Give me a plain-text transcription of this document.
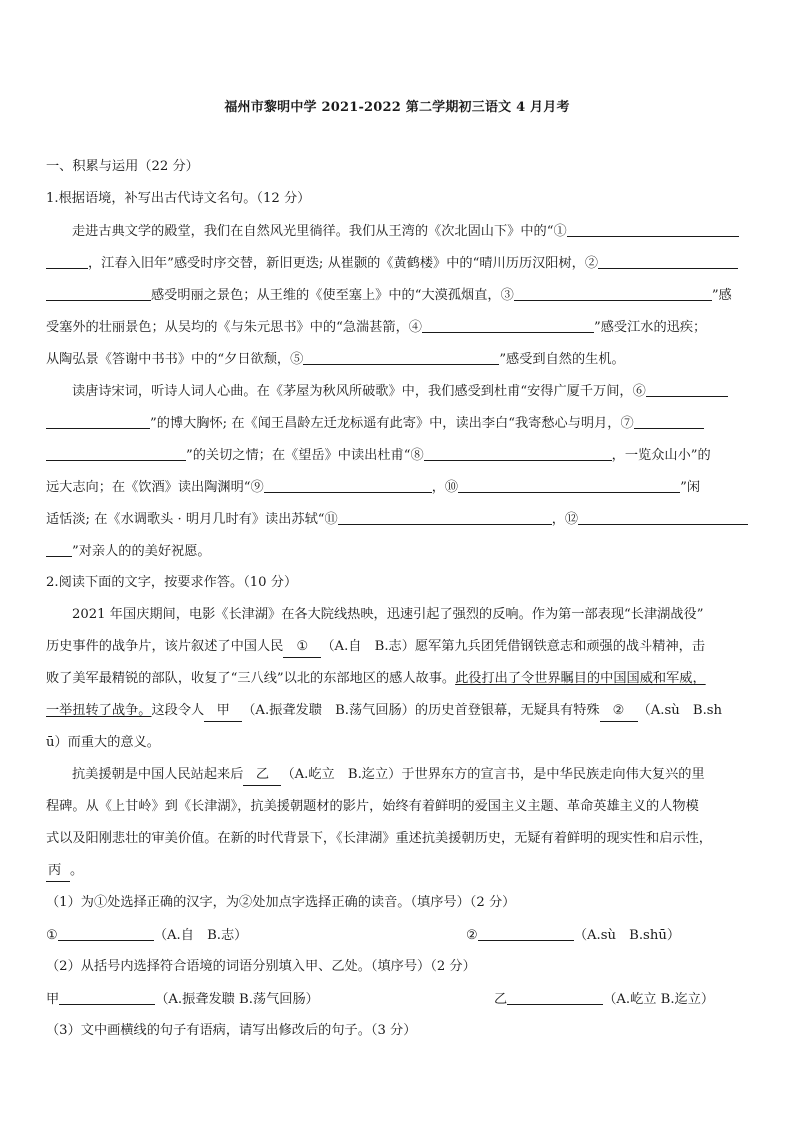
福州市黎明中学 2021-2022 第二学期初三语文 4 月月考
一、积累与运用（22 分）
1.根据语境，补写出古代诗文名句。（12 分）
走进古典文学的殿堂，我们在自然风光里徜徉。我们从王湾的《次北固山下》中的“①
，江春入旧年”感受时序交替，新旧更迭; 从崔颢的《黄鹤楼》中的“晴川历历汉阳树，②
感受明丽之景色；从王维的《使至塞上》中的“大漠孤烟直，③	”感
受塞外的壮丽景色；从吴均的《与朱元思书》中的“急湍甚箭，④	”感受江水的迅疾；
从陶弘景《答谢中书书》中的“夕日欲颓，⑤	”感受到自然的生机。
读唐诗宋词，听诗人词人心曲。在《茅屋为秋风所破歌》中，我们感受到杜甫“安得广厦千万间，⑥
”的博大胸怀; 在《闻王昌龄左迁龙标遥有此寄》中，读出李白“我寄愁心与明月，⑦
”的关切之情；在《望岳》中读出杜甫“⑧	，一览众山小”的
远大志向；在《饮酒》读出陶渊明“⑨	，⑩	”闲
适恬淡; 在《水调歌头 · 明月几时有》读出苏轼“⑪	，⑫
”对亲人的的美好祝愿。
2.阅读下面的文字，按要求作答。（10 分）
2021 年国庆期间，电影《长津湖》在各大院线热映，迅速引起了强烈的反响。作为第一部表现“长津湖战役”
历史事件的战争片，该片叙述了中国人民 ① （A.自　B.志）愿军第九兵团凭借钢铁意志和顽强的战斗精神，击
败了美军最精锐的部队，收复了“三八线”以北的东部地区的感人故事。此役打出了令世界瞩目的中国国威和军威，
一举扭转了战争。这段令人 甲 （A.振聋发聩　B.荡气回肠）的历史首登银幕，无疑具有特殊 ② （A.sù　B.sh
ū）而重大的意义。
抗美援朝是中国人民站起来后 乙 （A.屹立　B.迄立）于世界东方的宣言书，是中华民族走向伟大复兴的里
程碑。从《上甘岭》到《长津湖》，抗美援朝题材的影片，始终有着鲜明的爱国主义主题、革命英雄主义的人物模
式以及阳刚悲壮的审美价值。在新的时代背景下，《长津湖》重述抗美援朝历史，无疑有着鲜明的现实性和启示性，
丙 。
（1）为①处选择正确的汉字，为②处加点字选择正确的读音。（填序号）（2 分）
①	（A.自　B.志）	②	（A.sù　B.shū）
（2）从括号内选择符合语境的词语分别填入甲、乙处。（填序号）（2 分）
甲	（A.振聋发聩 B.荡气回肠）	乙	（A.屹立 B.迄立）
（3）文中画横线的句子有语病，请写出修改后的句子。（3 分）
